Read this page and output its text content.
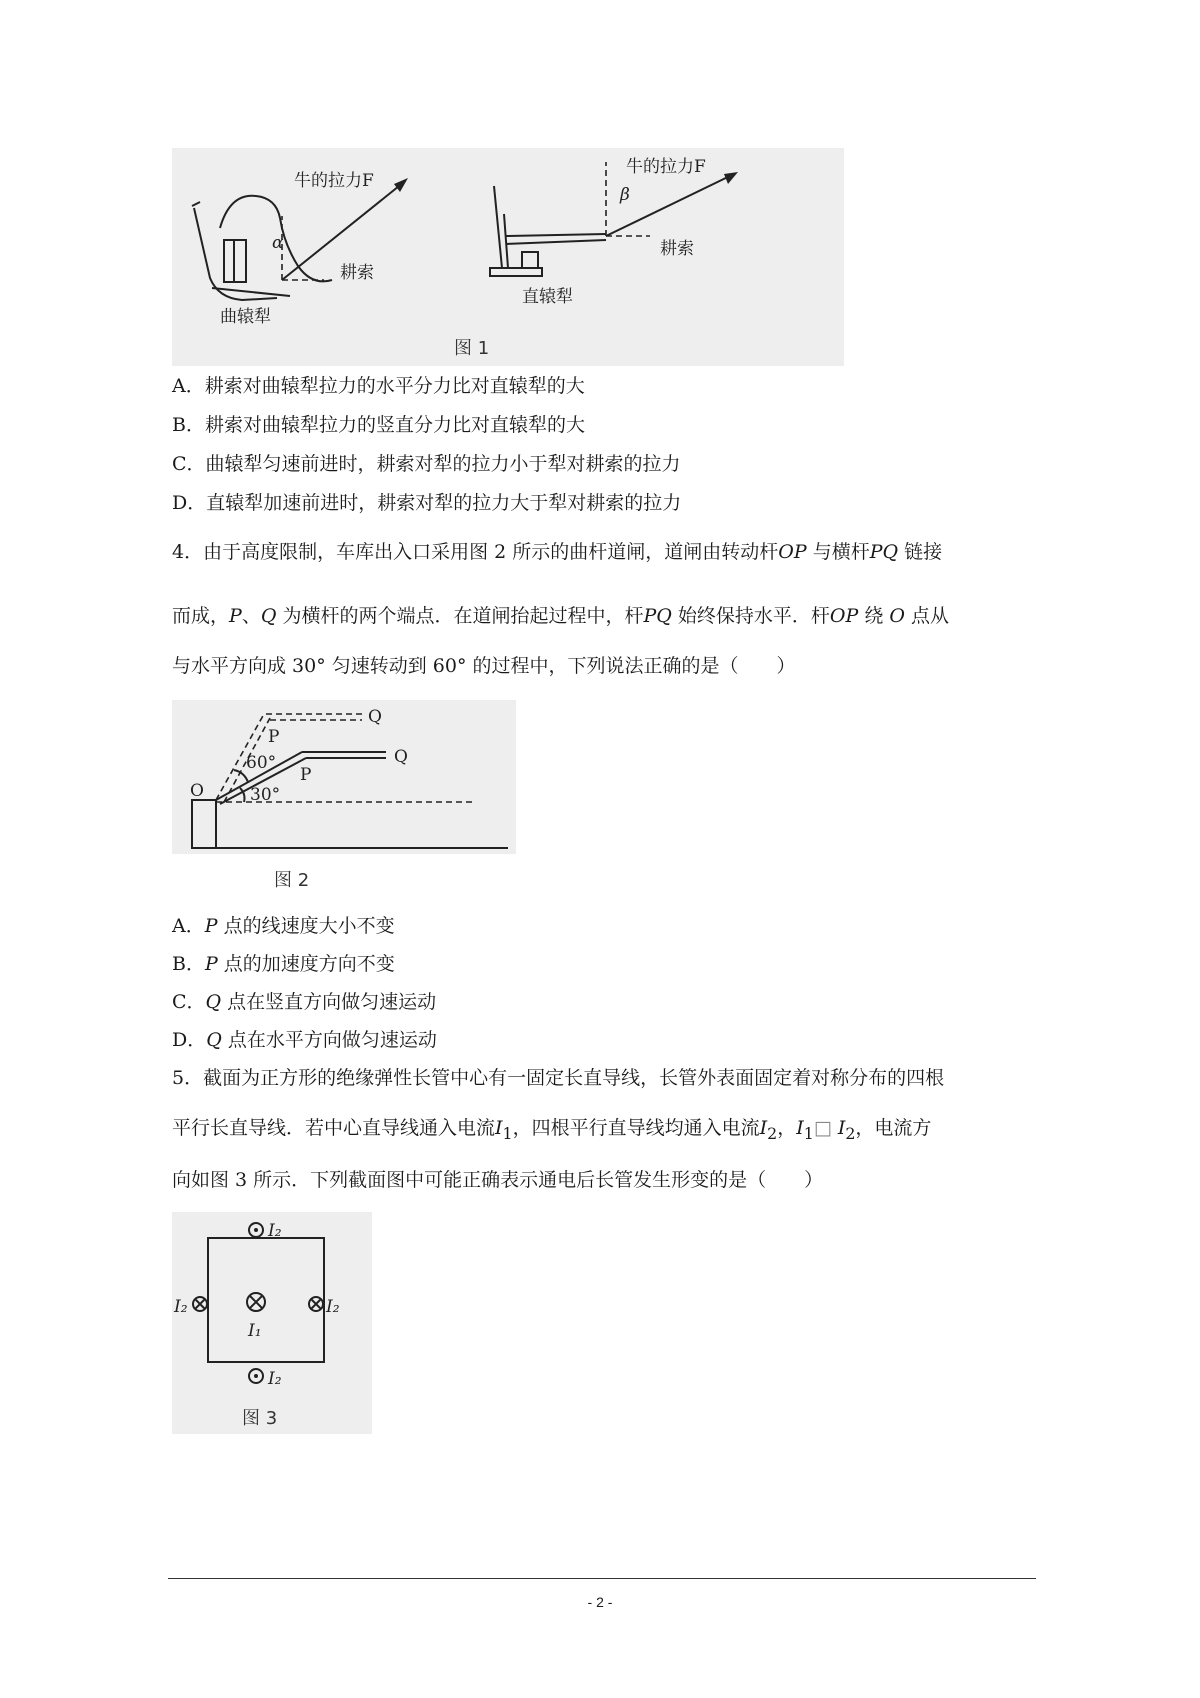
牛的拉力F
α
耕索
曲辕犁
牛的拉力F
β
耕索
直辕犁
图 1
A．耕索对曲辕犁拉力的水平分力比对直辕犁的大
B．耕索对曲辕犁拉力的竖直分力比对直辕犁的大
C．曲辕犁匀速前进时，耕索对犁的拉力小于犁对耕索的拉力
D．直辕犁加速前进时，耕索对犁的拉力大于犁对耕索的拉力
4．由于高度限制，车库出入口采用图 2 所示的曲杆道闸，道闸由转动杆OP 与横杆PQ 链接
而成，P、Q 为横杆的两个端点．在道闸抬起过程中，杆PQ 始终保持水平．杆OP 绕 O 点从
与水平方向成 30° 匀速转动到 60° 的过程中，下列说法正确的是（　　）
O
P
Q
60°
P
Q
30°
图 2
A．P 点的线速度大小不变
B．P 点的加速度方向不变
C．Q 点在竖直方向做匀速运动
D．Q 点在水平方向做匀速运动
5．截面为正方形的绝缘弹性长管中心有一固定长直导线，长管外表面固定着对称分布的四根
平行长直导线．若中心直导线通入电流$I_1$，四根平行直导线均通入电流$I_2$，$I_1□$ $I_2$，电流方
向如图 3 所示．下列截面图中可能正确表示通电后长管发生形变的是（　　）
I₂
I₂
I₂	I₂
I₁
图 3
- 2 -
